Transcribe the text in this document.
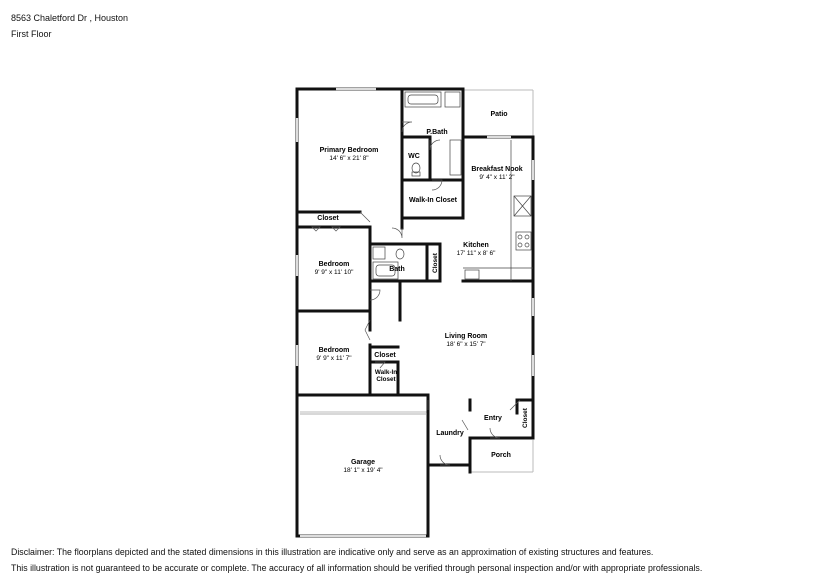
8563 Chaletford Dr , Houston
First Floor
Primary Bedroom
14' 6" x 21' 8"
P.Bath
WC
Walk-In Closet
Patio
Breakfast Nook
9' 4" x 11' 2"
Kitchen
17' 11" x 8' 6"
Closet
Bedroom
9' 9" x 11' 10"	Bath	Closet
Bedroom
9' 9" x 11' 7"	Closet
Walk-In
Closet
Living Room
18' 6" x 15' 7"
Laundry
Entry	Closet
Garage
18' 1" x 19' 4"
Porch
Disclaimer: The floorplans depicted and the stated dimensions in this illustration are indicative only and serve as an approximation of existing structures and features.
This illustration is not guaranteed to be accurate or complete. The accuracy of all information should be verified through personal inspection and/or with appropriate professionals.
